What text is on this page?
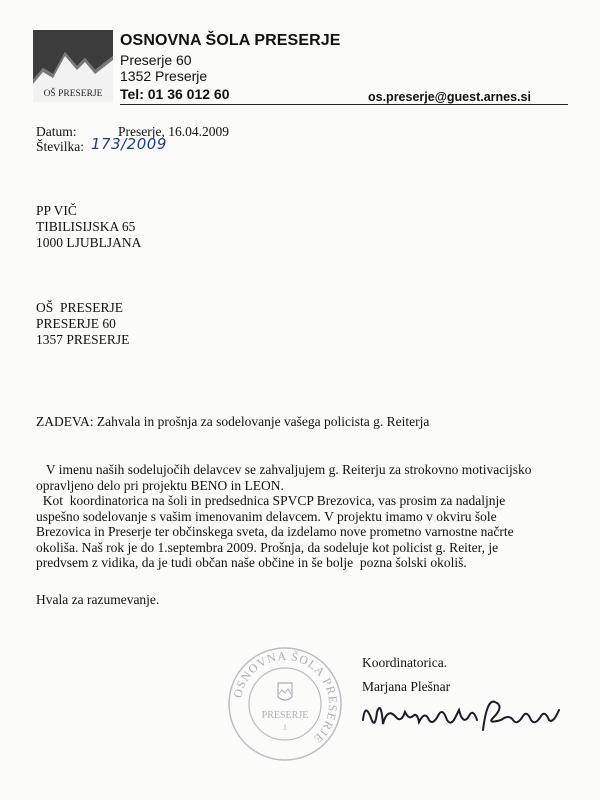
OŠ PRESERJE
OSNOVNA ŠOLA PRESERJE
Preserje 60
1352 Preserje
Tel: 01 36 012 60	os.preserje@guest.arnes.si
Datum:	Preserje, 16.04.2009
Številka: 173/2009
PP VIČ
TIBILISIJSKA 65
1000 LJUBLJANA
OŠ  PRESERJE
PRESERJE 60
1357 PRESERJE
ZADEVA: Zahvala in prošnja za sodelovanje vašega policista g. Reiterja

V imenu naših sodelujočih delavcev se zahvaljujem g. Reiterju za strokovno motivacijsko

opravljeno delo pri projektu BENO in LEON.

Kot  koordinatorica na šoli in predsednica SPVCP Brezovica, vas prosim za nadaljnje

uspešno sodelovanje s vašim imenovanim delavcem. V projektu imamo v okviru šole

Brezovica in Preserje ter občinskega sveta, da izdelamo nove prometno varnostne načrte

okoliša. Naš rok je do 1.septembra 2009. Prošnja, da sodeluje kot policist g. Reiter, je

predvsem z vidika, da je tudi občan naše občine in še bolje  pozna šolski okoliš.

Hvala za razumevanje.
OSNOVNA ŠOLA PRESERJE
PRESERJE
1
Koordinatorica.
Marjana Plešnar
